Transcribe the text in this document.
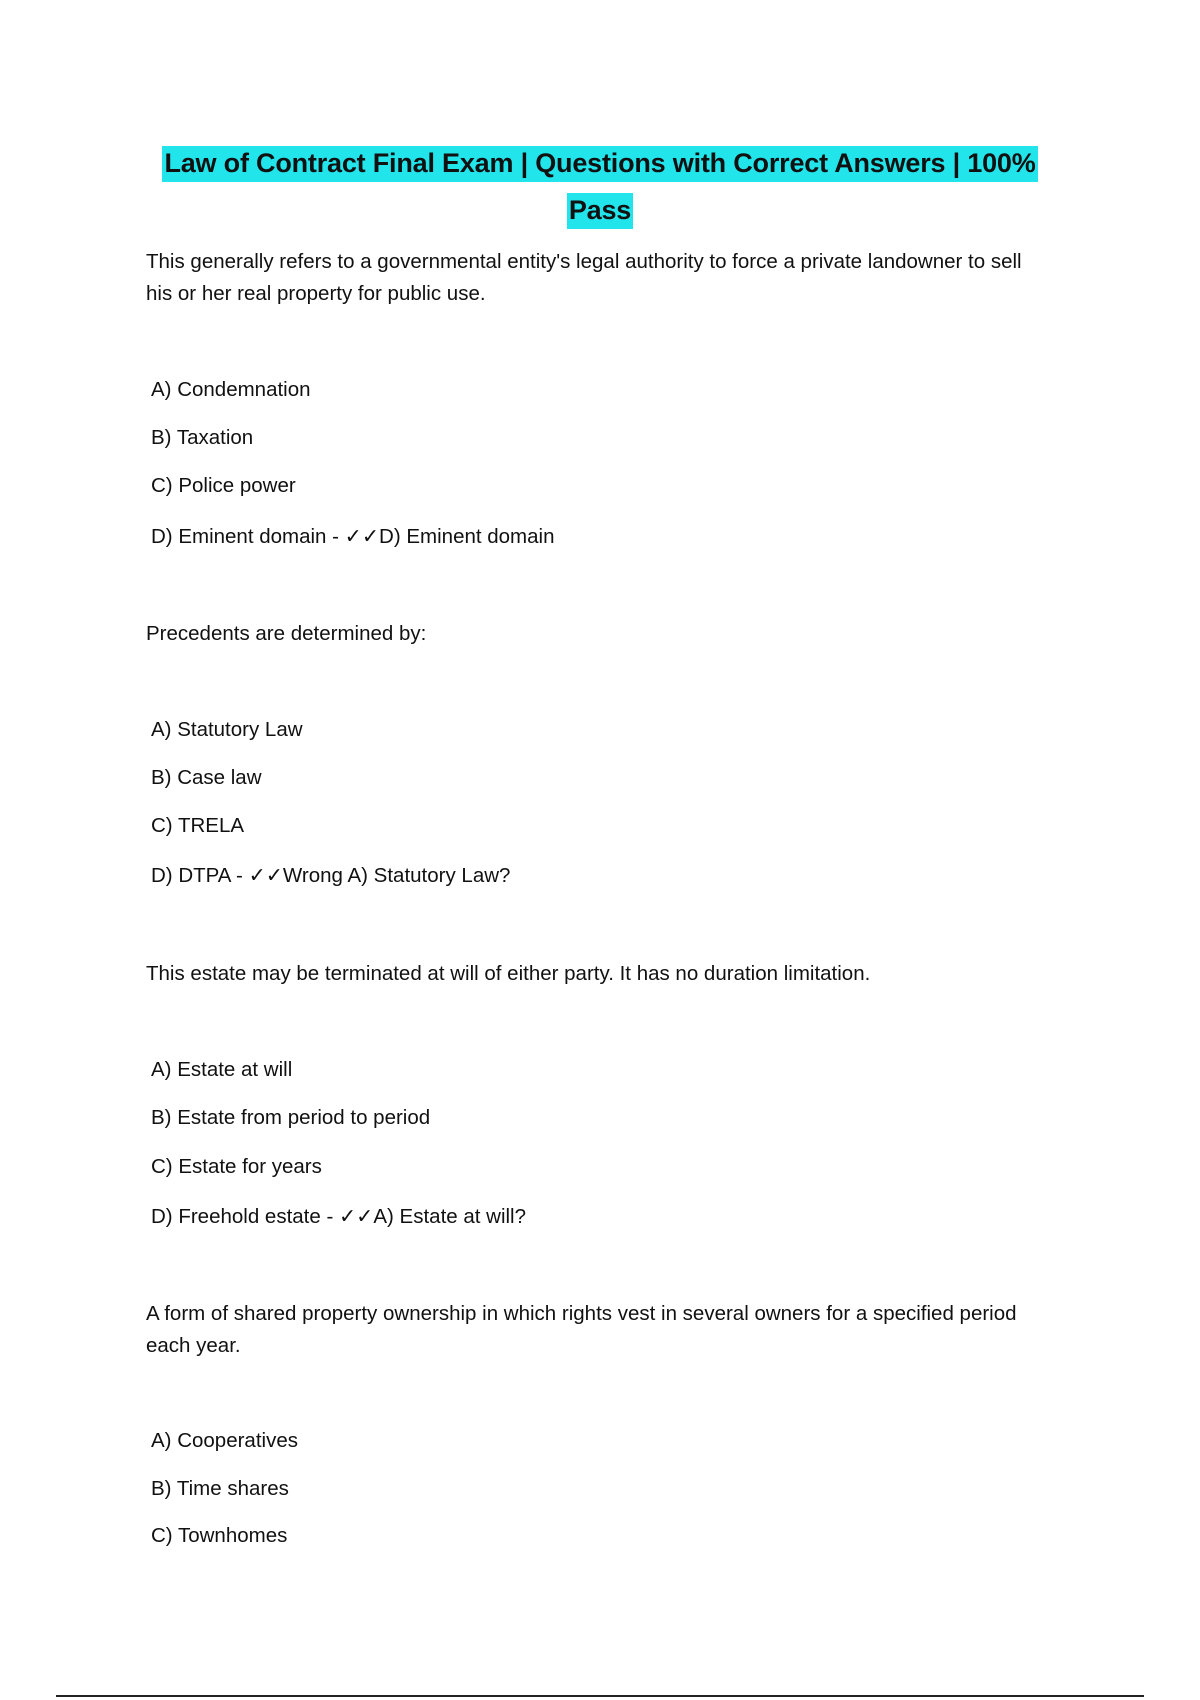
Law of Contract Final Exam | Questions with Correct Answers | 100% Pass

This generally refers to a governmental entity's legal authority to force a private landowner to sell his or her real property for public use.

A) Condemnation

B) Taxation

C) Police power

D) Eminent domain - ✓✓D) Eminent domain

Precedents are determined by:

A) Statutory Law

B) Case law

C) TRELA

D) DTPA - ✓✓Wrong A) Statutory Law?

This estate may be terminated at will of either party. It has no duration limitation.

A) Estate at will

B) Estate from period to period

C) Estate for years

D) Freehold estate - ✓✓A) Estate at will?

A form of shared property ownership in which rights vest in several owners for a specified period each year.

A) Cooperatives

B) Time shares

C) Townhomes
